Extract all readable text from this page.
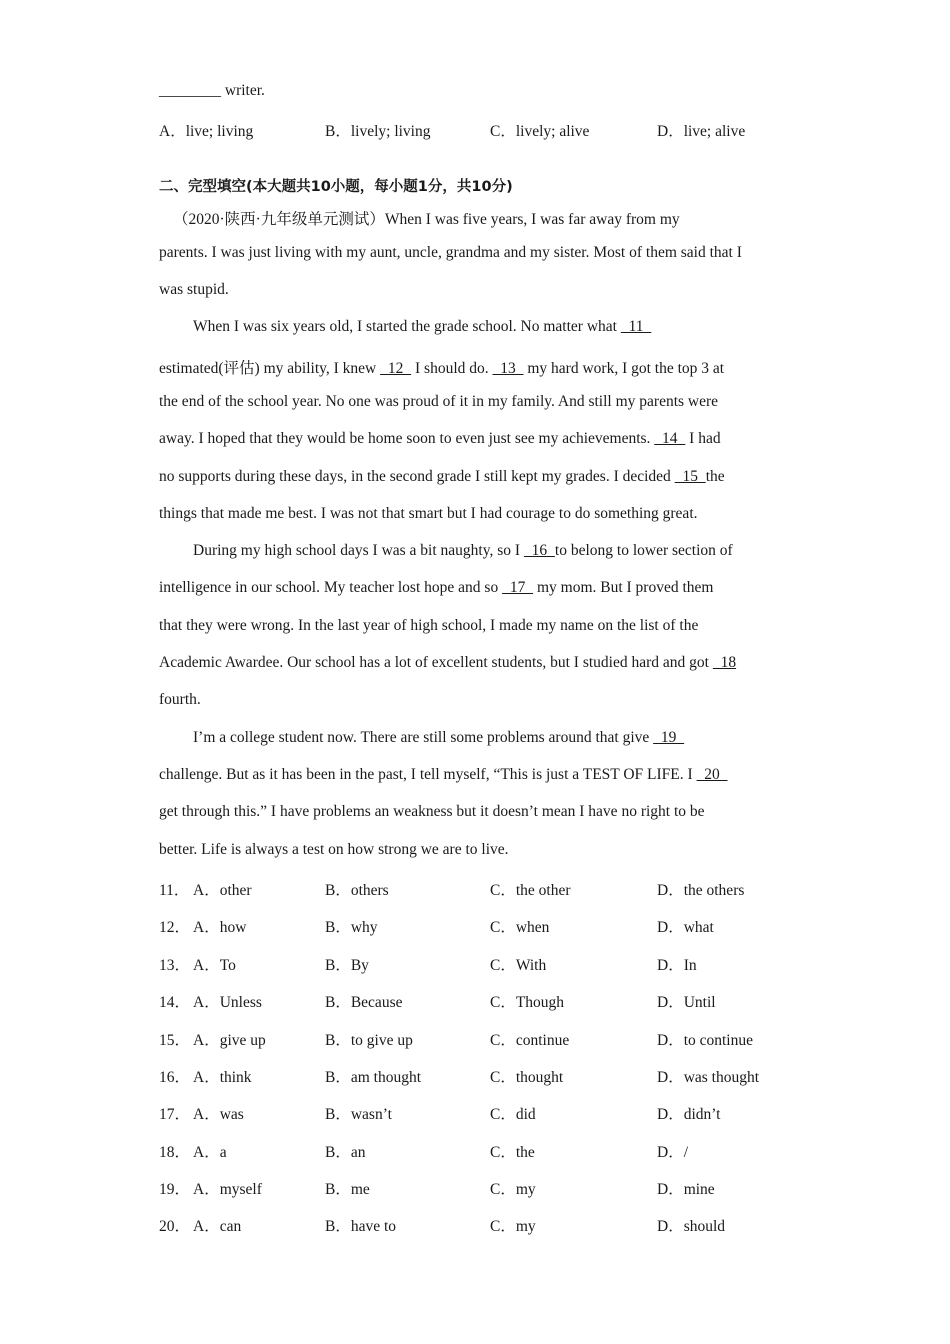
________ writer.
A．live; living	B．lively; living	C．lively; alive	D．live; alive
二、完型填空(本大题共10小题，每小题1分，共10分)
（2020·陕西·九年级单元测试）When I was five years, I was far away from my
parents. I was just living with my aunt, uncle, grandma and my sister. Most of them said that I
was stupid.
When I was six years old, I started the grade school. No matter what   11
estimated(评估) my ability, I knew   12   I should do.   13   my hard work, I got the top 3 at
the end of the school year. No one was proud of it in my family. And still my parents were
away. I hoped that they would be home soon to even just see my achievements.   14   I had
no supports during these days, in the second grade I still kept my grades. I decided   15  the
things that made me best. I was not that smart but I had courage to do something great.
During my high school days I was a bit naughty, so I   16  to belong to lower section of
intelligence in our school. My teacher lost hope and so   17   my mom. But I proved them
that they were wrong. In the last year of high school, I made my name on the list of the
Academic Awardee. Our school has a lot of excellent students, but I studied hard and got   18
fourth.
I’m a college student now. There are still some problems around that give   19
challenge. But as it has been in the past, I tell myself, “This is just a TEST OF LIFE. I   20
get through this.” I have problems an weakness but it doesn’t mean I have no right to be
better. Life is always a test on how strong we are to live.
11． A．other	B．others	C．the other	D．the others
12． A．how	B．why	C．when	D．what
13． A．To	B．By	C．With	D．In
14． A．Unless	B．Because	C．Though	D．Until
15． A．give up	B．to give up	C．continue	D．to continue
16． A．think	B．am thought	C．thought	D．was thought
17． A．was	B．wasn’t	C．did	D．didn’t
18． A．a	B．an	C．the	D．/
19． A．myself	B．me	C．my	D．mine
20． A．can	B．have to	C．my	D．should
